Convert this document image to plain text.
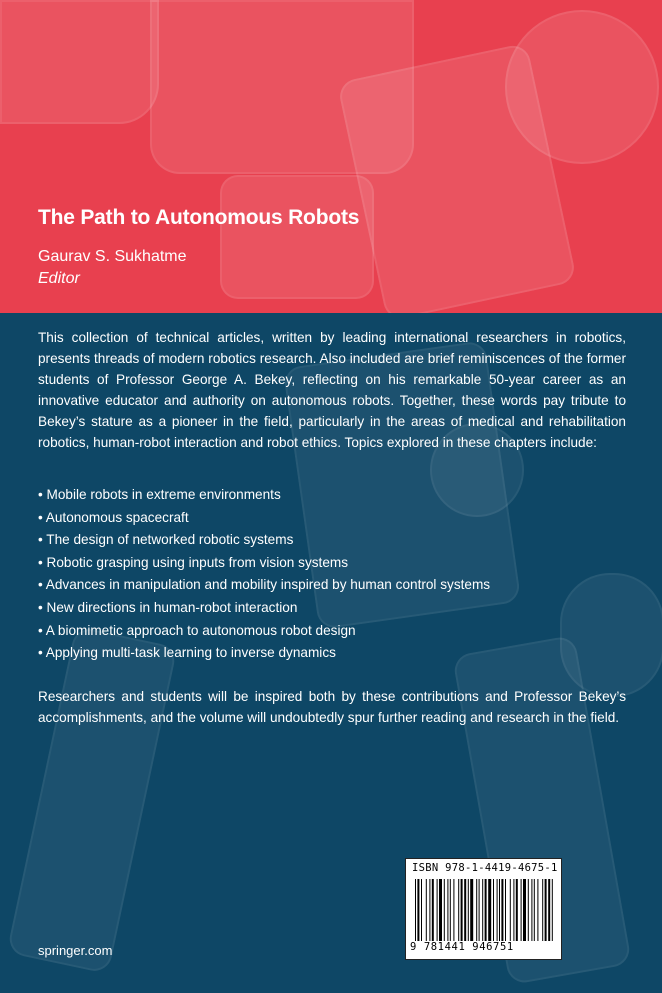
The Path to Autonomous Robots
Gaurav S. Sukhatme
Editor

This collection of technical articles, written by leading international researchers in robotics, presents threads of modern robotics research. Also included are brief reminiscences of the former students of Professor George A. Bekey, reflecting on his remarkable 50-year career as an innovative educator and authority on autonomous robots. Together, these words pay tribute to Bekey’s stature as a pioneer in the field, particularly in the areas of medical and rehabilitation robotics, human-robot interaction and robot ethics. Topics explored in these chapters include:

• Mobile robots in extreme environments
• Autonomous spacecraft
• The design of networked robotic systems
• Robotic grasping using inputs from vision systems
• Advances in manipulation and mobility inspired by human control systems
• New directions in human-robot interaction
• A biomimetic approach to autonomous robot design
• Applying multi-task learning to inverse dynamics

Researchers and students will be inspired both by these contributions and Professor Bekey’s accomplishments, and the volume will undoubtedly spur further reading and research in the field.

springer.com
ISBN 978-1-4419-4675-1
9 781441 946751
